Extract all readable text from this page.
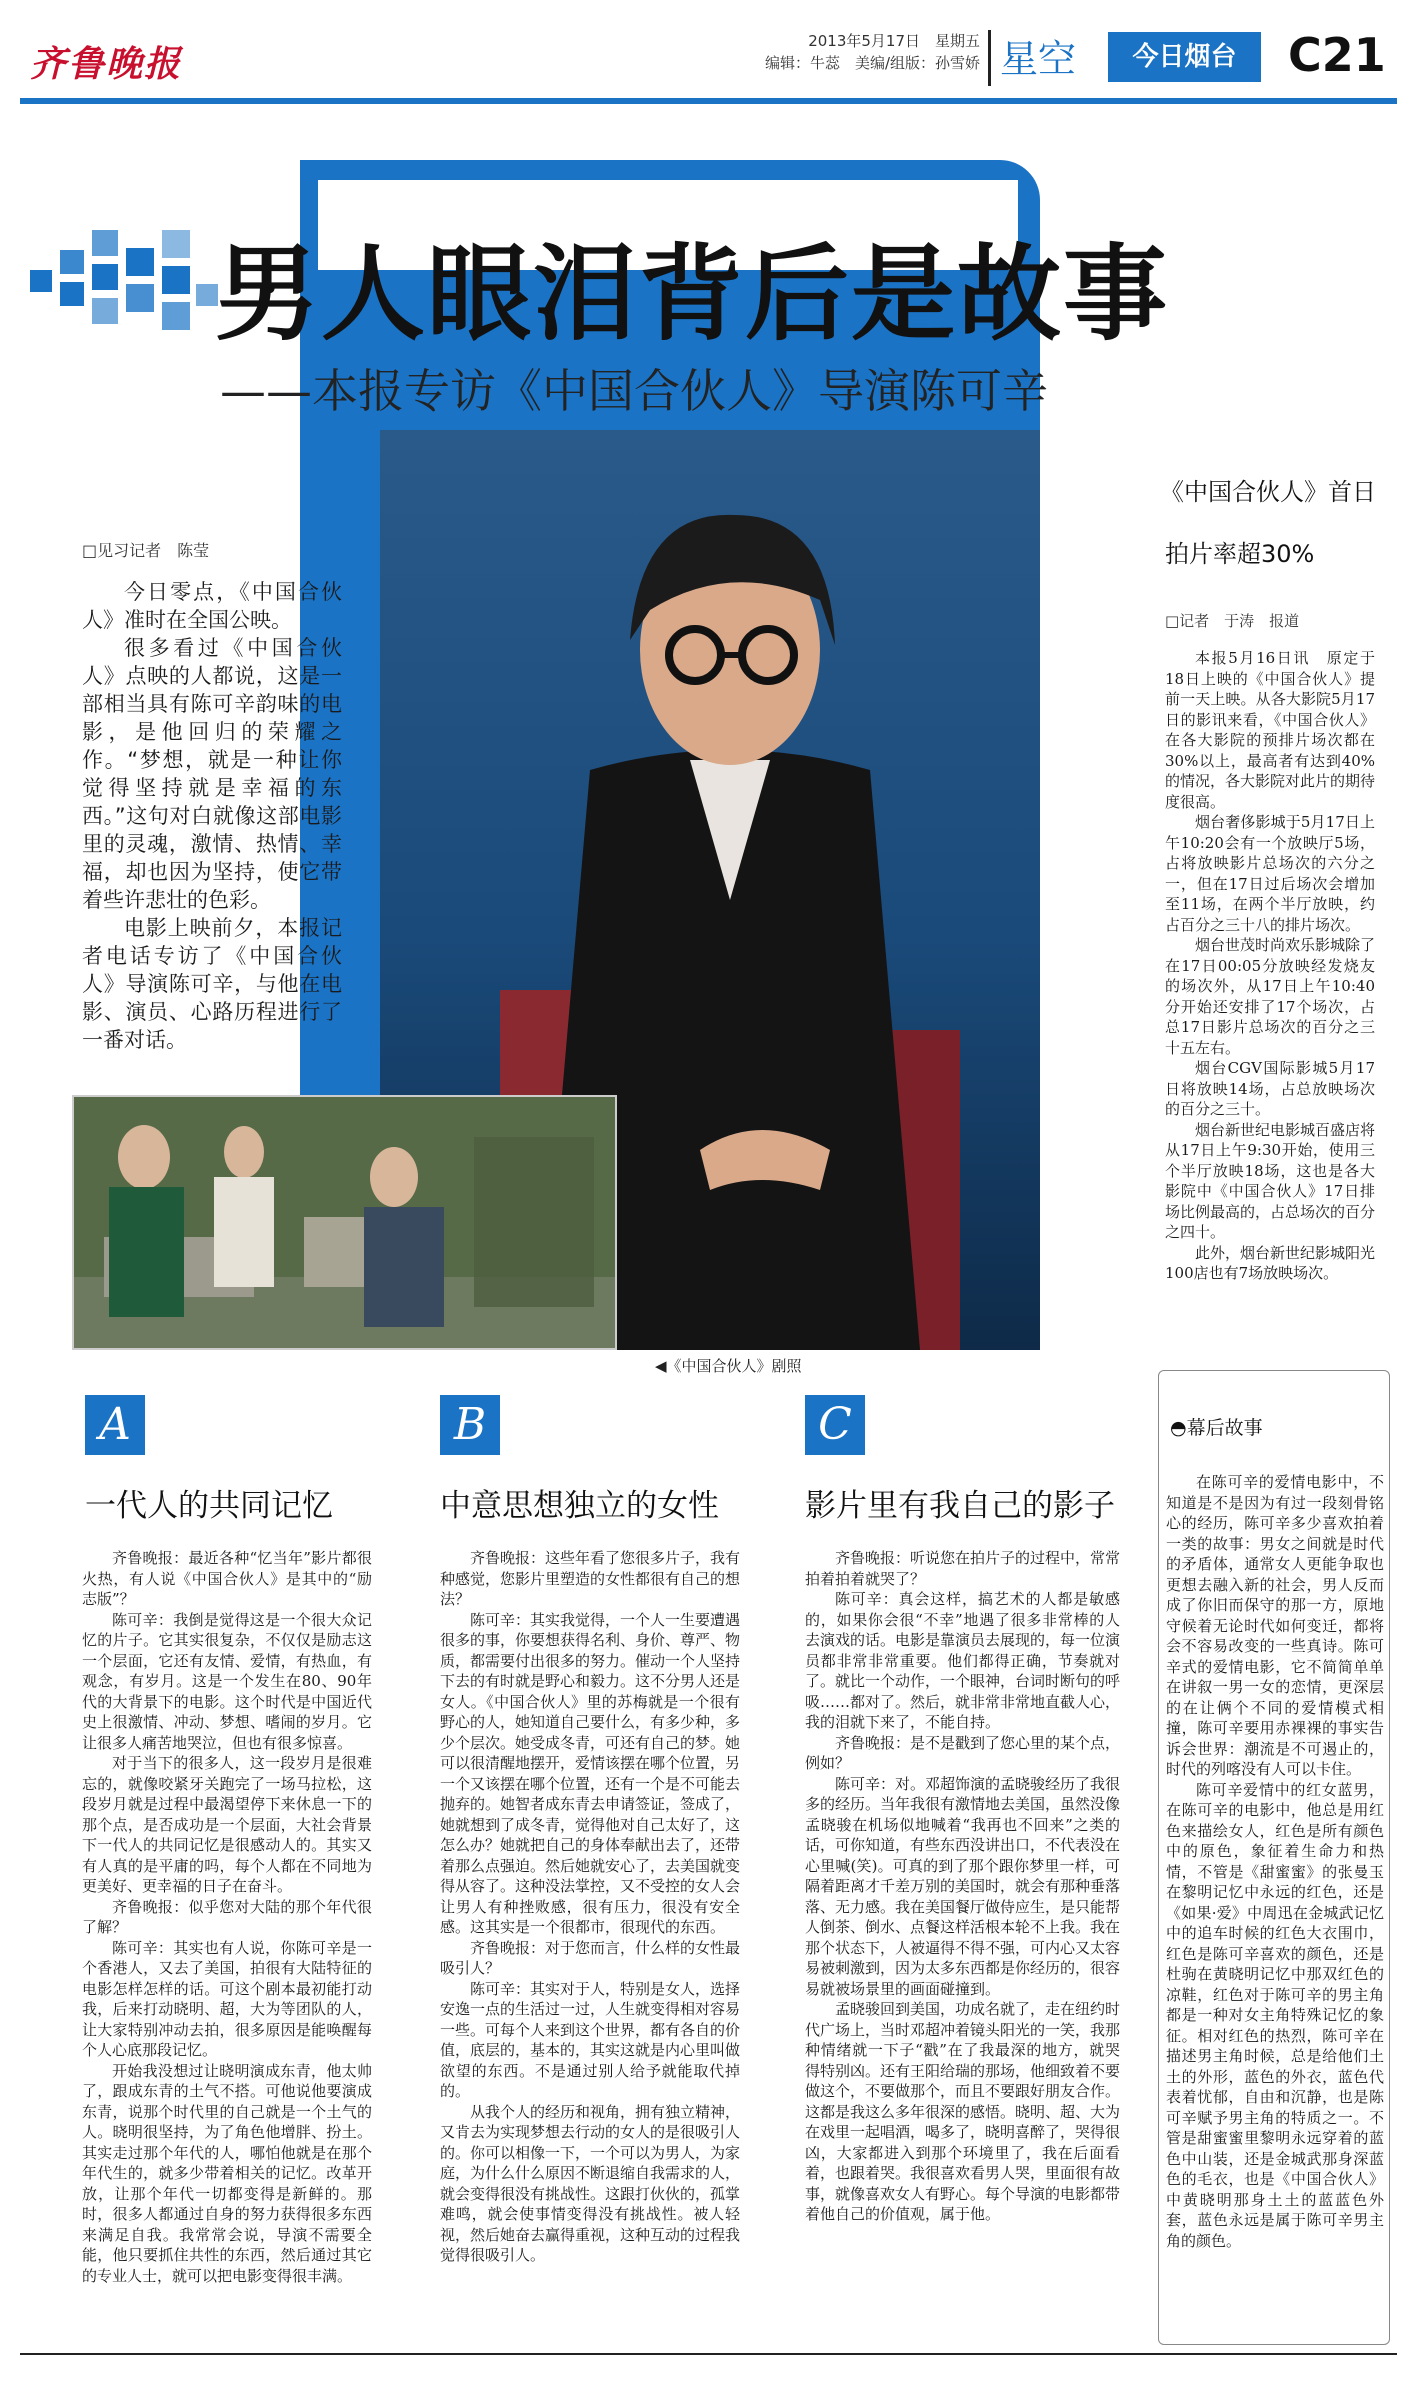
齐鲁晚报
2013年5月17日　星期五
编辑：牛蕊　美编/组版：孙雪娇 星空	今日烟台	C21
男人眼泪背后是故事
——本报专访《中国合伙人》导演陈可辛
◀《中国合伙人》剧照
□见习记者　陈莹

今日零点，《中国合伙人》准时在全国公映。

很多看过《中国合伙人》点映的人都说，这是一部相当具有陈可辛韵味的电影，是他回归的荣耀之作。“梦想，就是一种让你觉得坚持就是幸福的东西。”这句对白就像这部电影里的灵魂，激情、热情、幸福，却也因为坚持，使它带着些许悲壮的色彩。

电影上映前夕，本报记者电话专访了《中国合伙人》导演陈可辛，与他在电影、演员、心路历程进行了一番对话。

《中国合伙人》首日
拍片率超30%
□记者　于涛　报道

本报5月16日讯　原定于18日上映的《中国合伙人》提前一天上映。从各大影院5月17日的影讯来看，《中国合伙人》在各大影院的预排片场次都在30%以上，最高者有达到40%的情况，各大影院对此片的期待度很高。

烟台奢侈影城于5月17日上午10:20会有一个放映厅5场，占将放映影片总场次的六分之一，但在17日过后场次会增加至11场，在两个半厅放映，约占百分之三十八的排片场次。

烟台世茂时尚欢乐影城除了在17日00:05分放映经发烧友的场次外，从17日上午10:40分开始还安排了17个场次，占总17日影片总场次的百分之三十五左右。

烟台CGV国际影城5月17日将放映14场，占总放映场次的百分之三十。

烟台新世纪电影城百盛店将从17日上午9:30开始，使用三个半厅放映18场，这也是各大影院中《中国合伙人》17日排场比例最高的，占总场次的百分之四十。

此外，烟台新世纪影城阳光100店也有7场放映场次。

A
一代人的共同记忆

齐鲁晚报：最近各种“忆当年”影片都很火热，有人说《中国合伙人》是其中的“励志版”？

陈可辛：我倒是觉得这是一个很大众记忆的片子。它其实很复杂，不仅仅是励志这一个层面，它还有友情、爱情，有热血，有观念，有岁月。这是一个发生在80、90年代的大背景下的电影。这个时代是中国近代史上很激情、冲动、梦想、嗜闹的岁月。它让很多人痛苦地哭泣，但也有很多惊喜。

对于当下的很多人，这一段岁月是很难忘的，就像咬紧牙关跑完了一场马拉松，这段岁月就是过程中最渴望停下来休息一下的那个点，是否成功是一个层面，大社会背景下一代人的共同记忆是很感动人的。其实又有人真的是平庸的吗，每个人都在不同地为更美好、更幸福的日子在奋斗。

齐鲁晚报：似乎您对大陆的那个年代很了解？

陈可辛：其实也有人说，你陈可辛是一个香港人，又去了美国，拍很有大陆特征的电影怎样怎样的话。可这个剧本最初能打动我，后来打动晓明、超，大为等团队的人，让大家特别冲动去拍，很多原因是能唤醒每个人心底那段记忆。

开始我没想过让晓明演成东青，他太帅了，跟成东青的土气不搭。可他说他要演成东青，说那个时代里的自己就是一个土气的人。晓明很坚持，为了角色他增胖、扮土。其实走过那个年代的人，哪怕他就是在那个年代生的，就多少带着相关的记忆。改革开放，让那个年代一切都变得是新鲜的。那时，很多人都通过自身的努力获得很多东西来满足自我。我常常会说，导演不需要全能，他只要抓住共性的东西，然后通过其它的专业人士，就可以把电影变得很丰满。

B
中意思想独立的女性

齐鲁晚报：这些年看了您很多片子，我有种感觉，您影片里塑造的女性都很有自己的想法？

陈可辛：其实我觉得，一个人一生要遭遇很多的事，你要想获得名利、身价、尊严、物质，都需要付出很多的努力。催动一个人坚持下去的有时就是野心和毅力。这不分男人还是女人。《中国合伙人》里的苏梅就是一个很有野心的人，她知道自己要什么，有多少种，多少个层次。她受成冬青，可还有自己的梦。她可以很清醒地摆开，爱情该摆在哪个位置，另一个又该摆在哪个位置，还有一个是不可能去抛弃的。她智者成东青去申请签证，签成了，她就想到了成冬青，觉得他对自己太好了，这怎么办？她就把自己的身体奉献出去了，还带着那么点强迫。然后她就安心了，去美国就变得从容了。这种没法掌控，又不受控的女人会让男人有种挫败感，很有压力，很没有安全感。这其实是一个很都市，很现代的东西。

齐鲁晚报：对于您而言，什么样的女性最吸引人？

陈可辛：其实对于人，特别是女人，选择安逸一点的生活过一过，人生就变得相对容易一些。可每个人来到这个世界，都有各自的价值，底层的，基本的，其实这就是内心里叫做欲望的东西。不是通过别人给予就能取代掉的。

从我个人的经历和视角，拥有独立精神，又肯去为实现梦想去行动的女人的是很吸引人的。你可以相像一下，一个可以为男人，为家庭，为什么什么原因不断退缩自我需求的人，就会变得很没有挑战性。这跟打伙伙的，孤掌难鸣，就会使事情变得没有挑战性。被人轻视，然后她奋去赢得重视，这种互动的过程我觉得很吸引人。

C
影片里有我自己的影子

齐鲁晚报：听说您在拍片子的过程中，常常拍着拍着就哭了？

陈可辛：真会这样，搞艺术的人都是敏感的，如果你会很“不幸”地遇了很多非常棒的人去演戏的话。电影是靠演员去展现的，每一位演员都非常非常重要。他们都得正确，节奏就对了。就比一个动作，一个眼神，台词时断句的呼吸……都对了。然后，就非常非常地直截人心，我的泪就下来了，不能自持。

齐鲁晚报：是不是戳到了您心里的某个点，例如？

陈可辛：对。邓超饰演的孟晓骏经历了我很多的经历。当年我很有激情地去美国，虽然没像孟晓骏在机场似地喊着“我再也不回来”之类的话，可你知道，有些东西没讲出口，不代表没在心里喊(笑)。可真的到了那个跟你梦里一样，可隔着距离才千差万别的美国时，就会有那种垂落落、无力感。我在美国餐厅做侍应生，是只能帮人倒茶、倒水、点餐这样活根本轮不上我。我在那个状态下，人被逼得不得不强，可内心又太容易被刺激到，因为太多东西都是你经历的，很容易就被场景里的画面碰撞到。

孟晓骏回到美国，功成名就了，走在纽约时代广场上，当时邓超冲着镜头阳光的一笑，我那种情绪就一下子“戳”在了我最深的地方，就哭得特别凶。还有王阳给瑞的那场，他细致着不要做这个，不要做那个，而且不要跟好朋友合作。这都是我这么多年很深的感悟。晓明、超、大为在戏里一起唱酒，喝多了，晓明喜醉了，哭得很凶，大家都进入到那个环境里了，我在后面看着，也跟着哭。我很喜欢看男人哭，里面很有故事，就像喜欢女人有野心。每个导演的电影都带着他自己的价值观，属于他。

◓幕后故事

在陈可辛的爱情电影中，不知道是不是因为有过一段刻骨铭心的经历，陈可辛多少喜欢拍着一类的故事：男女之间就是时代的矛盾体，通常女人更能争取也更想去融入新的社会，男人反而成了你旧而保守的那一方，原地守候着无论时代如何变迁，都将会不容易改变的一些真诗。陈可辛式的爱情电影，它不简简单单在讲叙一男一女的恋情，更深层的在让俩个不同的爱情模式相撞，陈可辛要用赤裸裸的事实告诉会世界：潮流是不可遏止的，时代的列喀没有人可以卡住。

陈可辛爱情中的红女蓝男，在陈可辛的电影中，他总是用红色来描绘女人，红色是所有颜色中的原色，象征着生命力和热情，不管是《甜蜜蜜》的张曼玉在黎明记忆中永远的红色，还是《如果·爱》中周迅在金城武记忆中的追车时候的红色大衣围巾，红色是陈可辛喜欢的颜色，还是杜驹在黄晓明记忆中那双红色的凉鞋，红色对于陈可辛的男主角都是一种对女主角特殊记忆的象征。相对红色的热烈，陈可辛在描述男主角时候，总是给他们土土的外形，蓝色的外衣，蓝色代表着忧郁，自由和沉静，也是陈可辛赋予男主角的特质之一。不管是甜蜜蜜里黎明永远穿着的蓝色中山装，还是金城武那身深蓝色的毛衣，也是《中国合伙人》中黄晓明那身土土的蓝蓝色外套，蓝色永远是属于陈可辛男主角的颜色。
